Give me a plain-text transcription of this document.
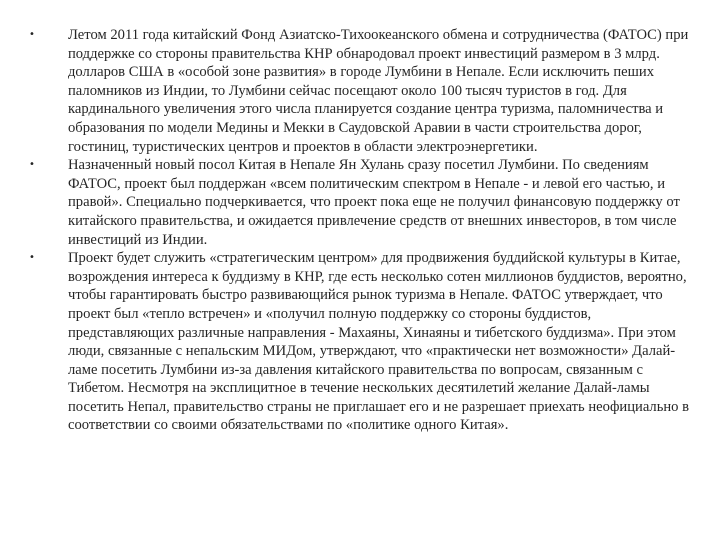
• Летом 2011 года китайский Фонд Азиатско-Тихоокеанского обмена и сотрудничества (ФАТОС) при поддержке со стороны правительства КНР обнародовал проект инвестиций размером в 3 млрд. долларов США в «особой зоне развития» в городе Лумбини в Непале. Если исключить пеших паломников из Индии, то Лумбини сейчас посещают около 100 тысяч туристов в год. Для кардинального увеличения этого числа планируется создание центра туризма, паломничества и образования по модели Медины и Мекки в Саудовской Аравии в части строительства дорог, гостиниц, туристических центров и проектов в области электроэнергетики.
• Назначенный новый посол Китая в Непале Ян Хулань сразу посетил Лумбини. По сведениям ФАТОС, проект был поддержан «всем политическим спектром в Непале - и левой его частью, и правой». Специально подчеркивается, что проект пока еще не получил финансовую поддержку от китайского правительства, и ожидается привлечение средств от внешних инвесторов, в том числе инвестиций из Индии.
• Проект будет служить «стратегическим центром» для продвижения буддийской культуры в Китае, возрождения интереса к буддизму в КНР, где есть несколько сотен миллионов буддистов, вероятно, чтобы гарантировать быстро развивающийся рынок туризма в Непале. ФАТОС утверждает, что проект был «тепло встречен» и «получил полную поддержку со стороны буддистов, представляющих различные направления - Махаяны, Хинаяны и тибетского буддизма». При этом люди, связанные с непальским МИДом, утверждают, что «практически нет возможности» Далай-ламе посетить Лумбини из-за давления китайского правительства по вопросам, связанным с Тибетом. Несмотря на эксплицитное в течение нескольких десятилетий желание Далай-ламы посетить Непал, правительство страны не приглашает его и не разрешает приехать неофициально в соответствии со своими обязательствами по «политике одного Китая».
